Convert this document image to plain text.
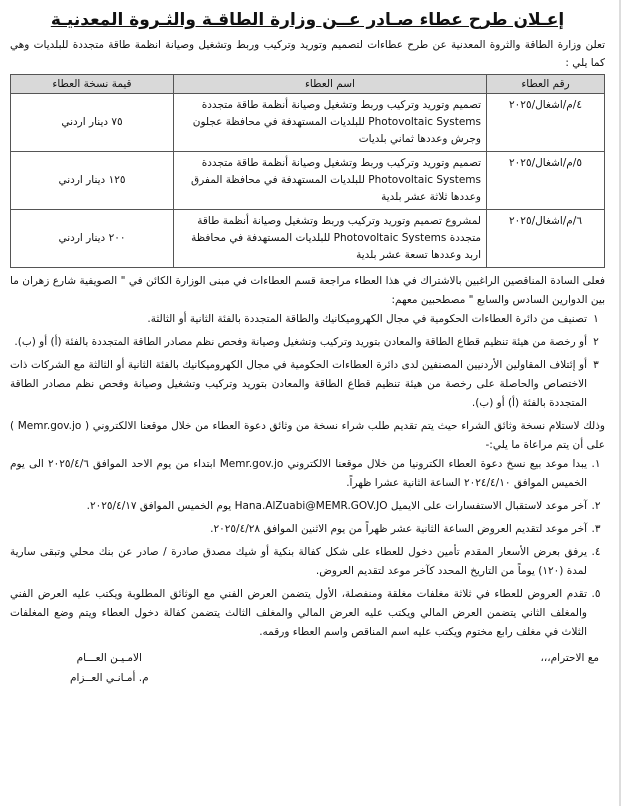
إعـلان طرح عطاء صـادر عــن وزارة الطاقـة والثـروة المعدنيـة

تعلن وزارة الطاقة والثروة المعدنية عن طرح عطاءات لتصميم وتوريد وتركيب وربط وتشغيل وصيانة انظمة طاقة متجددة للبلديات وهي كما يلي :

رقم العطاء	اسم العطاء	قيمة نسخة العطاء
٤/م/اشغال/٢٠٢٥	تصميم وتوريد وتركيب وربط وتشغيل وصيانة أنظمة طاقة متجددة Photovoltaic Systems للبلديات المستهدفة في محافظة عجلون وجرش وعددها ثماني بلديات	٧٥ دينار اردني
٥/م/اشغال/٢٠٢٥	تصميم وتوريد وتركيب وربط وتشغيل وصيانة أنظمة طاقة متجددة Photovoltaic Systems للبلديات المستهدفة في محافظة المفرق وعددها ثلاثة عشر بلدية	١٢٥ دينار اردني
٦/م/اشغال/٢٠٢٥	لمشروع تصميم وتوريد وتركيب وربط وتشغيل وصيانة أنظمة طاقة متجددة Photovoltaic Systems للبلديات المستهدفة في محافظة اربد وعددها تسعة عشر بلدية	٢٠٠ دينار اردني

فعلى السادة المناقصين الراغبين بالاشتراك في هذا العطاء مراجعة قسم العطاءات في مبنى الوزارة الكائن في " الصويفية شارع زهران ما بين الدوارين السادس والسابع " مصطحبين معهم:

١
تصنيف من دائرة العطاءات الحكومية في مجال الكهروميكانيك والطاقة المتجددة بالفئة الثانية أو الثالثة.
٢
أو رخصة من هيئة تنظيم قطاع الطاقة والمعادن بتوريد وتركيب وتشغيل وصيانة وفحص نظم مصادر الطاقة المتجددة بالفئة (أ) أو (ب).
٣
أو إئتلاف المقاولين الأردنيين المصنفين لدى دائرة العطاءات الحكومية في مجال الكهروميكانيك بالفئة الثانية أو الثالثة مع الشركات ذات الاختصاص والحاصلة على رخصة من هيئة تنظيم قطاع الطاقة والمعادن بتوريد وتركيب وتشغيل وصيانة وفحص نظم مصادر الطاقة المتجددة بالفئة (أ) أو (ب).

وذلك لاستلام نسخة وثائق الشراء حيث يتم تقديم طلب شراء نسخة من وثائق دعوة العطاء من خلال موقعنا الالكتروني ( Memr.gov.jo ) على أن يتم مراعاة ما يلي:-

١.
يبدا موعد بيع نسخ دعوة العطاء الكترونيا من خلال موقعنا الالكتروني Memr.gov.jo ابتداء من يوم الاحد الموافق ٢٠٢٥/٤/٦ الى يوم الخميس الموافق ٢٠٢٤/٤/١٠ الساعة الثانية عشرا ظهراً.
٢.
آخر موعد لاستقبال الاستفسارات على الايميل Hana.AlZuabi@MEMR.GOV.JO يوم الخميس الموافق ٢٠٢٥/٤/١٧.
٣.
آخر موعد لتقديم العروض الساعة الثانية عشر ظهراً من يوم الاثنين الموافق ٢٠٢٥/٤/٢٨.
٤.
يرفق بعرض الأسعار المقدم تأمين دخول للعطاء على شكل كفالة بنكية أو شيك مصدق صادرة / صادر عن بنك محلي وتبقى سارية لمدة (١٢٠) يوماً من التاريخ المحدد كآخر موعد لتقديم العروض.
٥.
تقدم العروض للعطاء في ثلاثة مغلفات مغلقة ومنفصلة، الأول يتضمن العرض الفني مع الوثائق المطلوبة ويكتب عليه العرض الفني والمغلف الثاني يتضمن العرض المالي ويكتب عليه العرض المالي والمغلف الثالث يتضمن كفالة دخول العطاء ويتم وضع المغلفات الثلاث في مغلف رابع مختوم ويكتب عليه اسم المناقص واسم العطاء ورقمه.
مع الاحترام،،،
الامـيـن العـــام
م. أمـانـي العــزام
